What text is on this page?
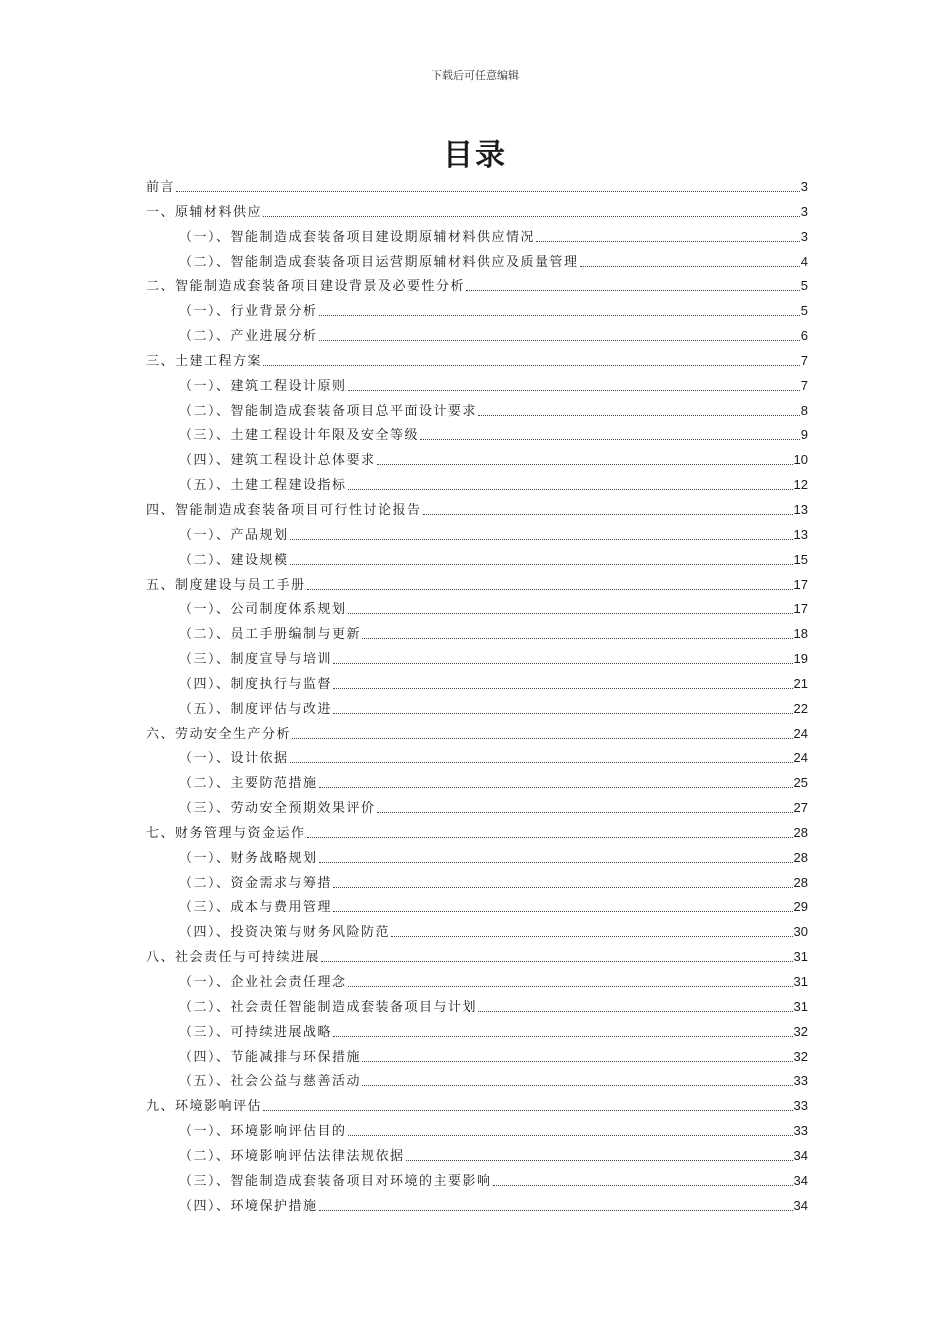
下载后可任意编辑
目录
前言	3
一、原辅材料供应	3
（一）、智能制造成套装备项目建设期原辅材料供应情况	3
（二）、智能制造成套装备项目运营期原辅材料供应及质量管理	4
二、智能制造成套装备项目建设背景及必要性分析	5
（一）、行业背景分析	5
（二）、产业进展分析	6
三、土建工程方案	7
（一）、建筑工程设计原则	7
（二）、智能制造成套装备项目总平面设计要求	8
（三）、土建工程设计年限及安全等级	9
（四）、建筑工程设计总体要求	10
（五）、土建工程建设指标	12
四、智能制造成套装备项目可行性讨论报告	13
（一）、产品规划	13
（二）、建设规模	15
五、制度建设与员工手册	17
（一）、公司制度体系规划	17
（二）、员工手册编制与更新	18
（三）、制度宣导与培训	19
（四）、制度执行与监督	21
（五）、制度评估与改进	22
六、劳动安全生产分析	24
（一）、设计依据	24
（二）、主要防范措施	25
（三）、劳动安全预期效果评价	27
七、财务管理与资金运作	28
（一）、财务战略规划	28
（二）、资金需求与筹措	28
（三）、成本与费用管理	29
（四）、投资决策与财务风险防范	30
八、社会责任与可持续进展	31
（一）、企业社会责任理念	31
（二）、社会责任智能制造成套装备项目与计划	31
（三）、可持续进展战略	32
（四）、节能减排与环保措施	32
（五）、社会公益与慈善活动	33
九、环境影响评估	33
（一）、环境影响评估目的	33
（二）、环境影响评估法律法规依据	34
（三）、智能制造成套装备项目对环境的主要影响	34
（四）、环境保护措施	34
